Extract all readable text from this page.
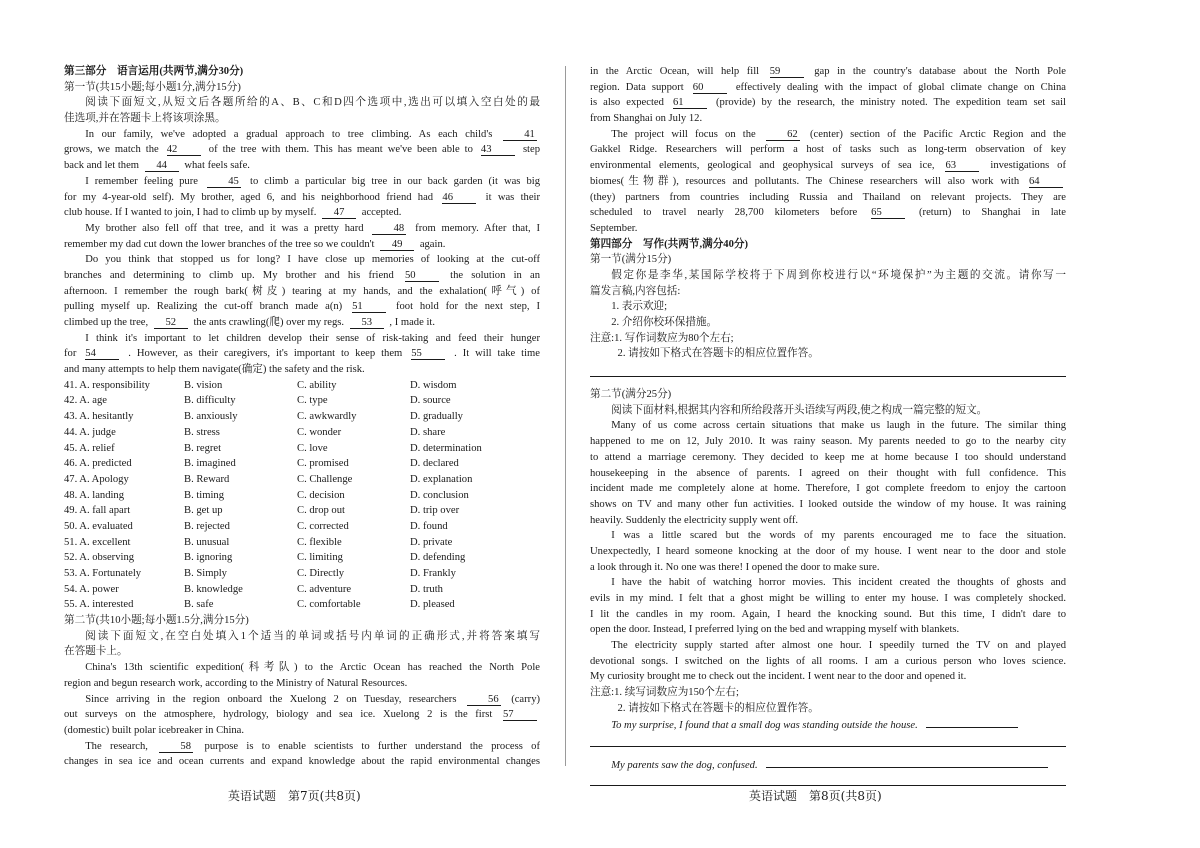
第三部分　语言运用(共两节,满分30分)
第一节(共15小题;每小题1分,满分15分)
阅读下面短文,从短文后各题所给的A、B、C和D四个选项中,选出可以填入空白处的最
佳选项,并在答题卡上将该项涂黑。
In our family, we've adopted a gradual approach to tree climbing. As each child's	41
grows, we match the 42	of the tree with them. This has meant we've been able to 43	step
back and let them 44 what feels safe.
I remember feeling pure	45 to climb a particular big tree in our back garden (it was big
for my 4-year-old self). My brother, aged 6, and his neighborhood friend had 46	it was their
club house. If I wanted to join, I had to climb up by myself. 47 accepted.
My brother also fell off that tree, and it was a pretty hard	48 from memory. After that, I
remember my dad cut down the lower branches of the tree so we couldn't 49 again.
Do you think that stopped us for long? I have close up memories of looking at the cut-off
branches and determining to climb up. My brother and his friend 50	the solution in an
afternoon. I remember the rough bark(树皮) tearing at my hands, and the exhalation(呼气) of
pulling myself up. Realizing the cut-off branch made a(n) 51	foot hold for the next step, I
climbed up the tree, 52 the ants crawling(爬) over my regs. 53 , I made it.
I think it's important to let children develop their sense of risk-taking and feed their hunger
for 54	. However, as their caregivers, it's important to keep them 55	. It will take time
and many attempts to help them navigate(确定) the safety and the risk.
41. A. responsibility	B. vision	C. ability	D. wisdom
42. A. age	B. difficulty	C. type	D. source
43. A. hesitantly	B. anxiously	C. awkwardly	D. gradually
44. A. judge	B. stress	C. wonder	D. share
45. A. relief	B. regret	C. love	D. determination
46. A. predicted	B. imagined	C. promised	D. declared
47. A. Apology	B. Reward	C. Challenge	D. explanation
48. A. landing	B. timing	C. decision	D. conclusion
49. A. fall apart	B. get up	C. drop out	D. trip over
50. A. evaluated	B. rejected	C. corrected	D. found
51. A. excellent	B. unusual	C. flexible	D. private
52. A. observing	B. ignoring	C. limiting	D. defending
53. A. Fortunately	B. Simply	C. Directly	D. Frankly
54. A. power	B. knowledge	C. adventure	D. truth
55. A. interested	B. safe	C. comfortable	D. pleased
第二节(共10小题;每小题1.5分,满分15分)
阅读下面短文,在空白处填入1个适当的单词或括号内单词的正确形式,并将答案填写
在答题卡上。
China's 13th scientific expedition(科考队) to the Arctic Ocean has reached the North Pole
region and begun research work, according to the Ministry of Natural Resources.
Since arriving in the region onboard the Xuelong 2 on Tuesday, researchers	56 (carry)
out surveys on the atmosphere, hydrology, biology and sea ice. Xuelong 2 is the first 57
(domestic) built polar icebreaker in China.
The research,	58 purpose is to enable scientists to further understand the process of
changes in sea ice and ocean currents and expand knowledge about the rapid environmental changes
in the Arctic Ocean, will help fill 59	gap in the country's database about the North Pole
region. Data support 60	effectively dealing with the impact of global climate change on China
is also expected 61	(provide) by the research, the ministry noted. The expedition team set sail
from Shanghai on July 12.
The project will focus on the	62 (center) section of the Pacific Arctic Region and the
Gakkel Ridge. Researchers will perform a host of tasks such as long-term observation of key
environmental elements, geological and geophysical surveys of sea ice, 63	investigations of
biomes(生物群), resources and pollutants. The Chinese researchers will also work with 64
(they) partners from countries including Russia and Thailand on relevant projects. They are
scheduled to travel nearly 28,700 kilometers before 65	(return) to Shanghai in late
September.
第四部分　写作(共两节,满分40分)
第一节(满分15分)
假定你是李华,某国际学校将于下周到你校进行以“环境保护”为主题的交流。请你写一
篇发言稿,内容包括:
1. 表示欢迎;
2. 介绍你校环保措施。
注意:1. 写作词数应为80个左右;
2. 请按如下格式在答题卡的相应位置作答。
第二节(满分25分)
阅读下面材料,根据其内容和所给段落开头语续写两段,使之构成一篇完整的短文。
Many of us come across certain situations that make us laugh in the future. The similar thing
happened to me on 12, July 2010. It was rainy season. My parents needed to go to the nearby city
to attend a marriage ceremony. They decided to keep me at home because I too should understand
housekeeping in the absence of parents. I agreed on their thought with full confidence. This
incident made me completely alone at home. Therefore, I got complete freedom to enjoy the cartoon
shows on TV and many other fun activities. I looked outside the window of my house. It was raining
heavily. Suddenly the electricity supply went off.
I was a little scared but the words of my parents encouraged me to face the situation.
Unexpectedly, I heard someone knocking at the door of my house. I went near to the door and stole
a look through it. No one was there! I opened the door to make sure.
I have the habit of watching horror movies. This incident created the thoughts of ghosts and
evils in my mind. I felt that a ghost might be willing to enter my house. I was completely shocked.
I lit the candles in my room. Again, I heard the knocking sound. But this time, I didn't dare to
open the door. Instead, I preferred lying on the bed and wrapping myself with blankets.
The electricity supply started after almost one hour. I speedily turned the TV on and played
devotional songs. I switched on the lights of all rooms. I am a curious person who loves science.
My curiosity brought me to check out the incident. I went near to the door and opened it.
注意:1. 续写词数应为150个左右;
2. 请按如下格式在答题卡的相应位置作答。
To my surprise, I found that a small dog was standing outside the house.
My parents saw the dog, confused.
英语试题　第7页(共8页)	英语试题　第8页(共8页)
